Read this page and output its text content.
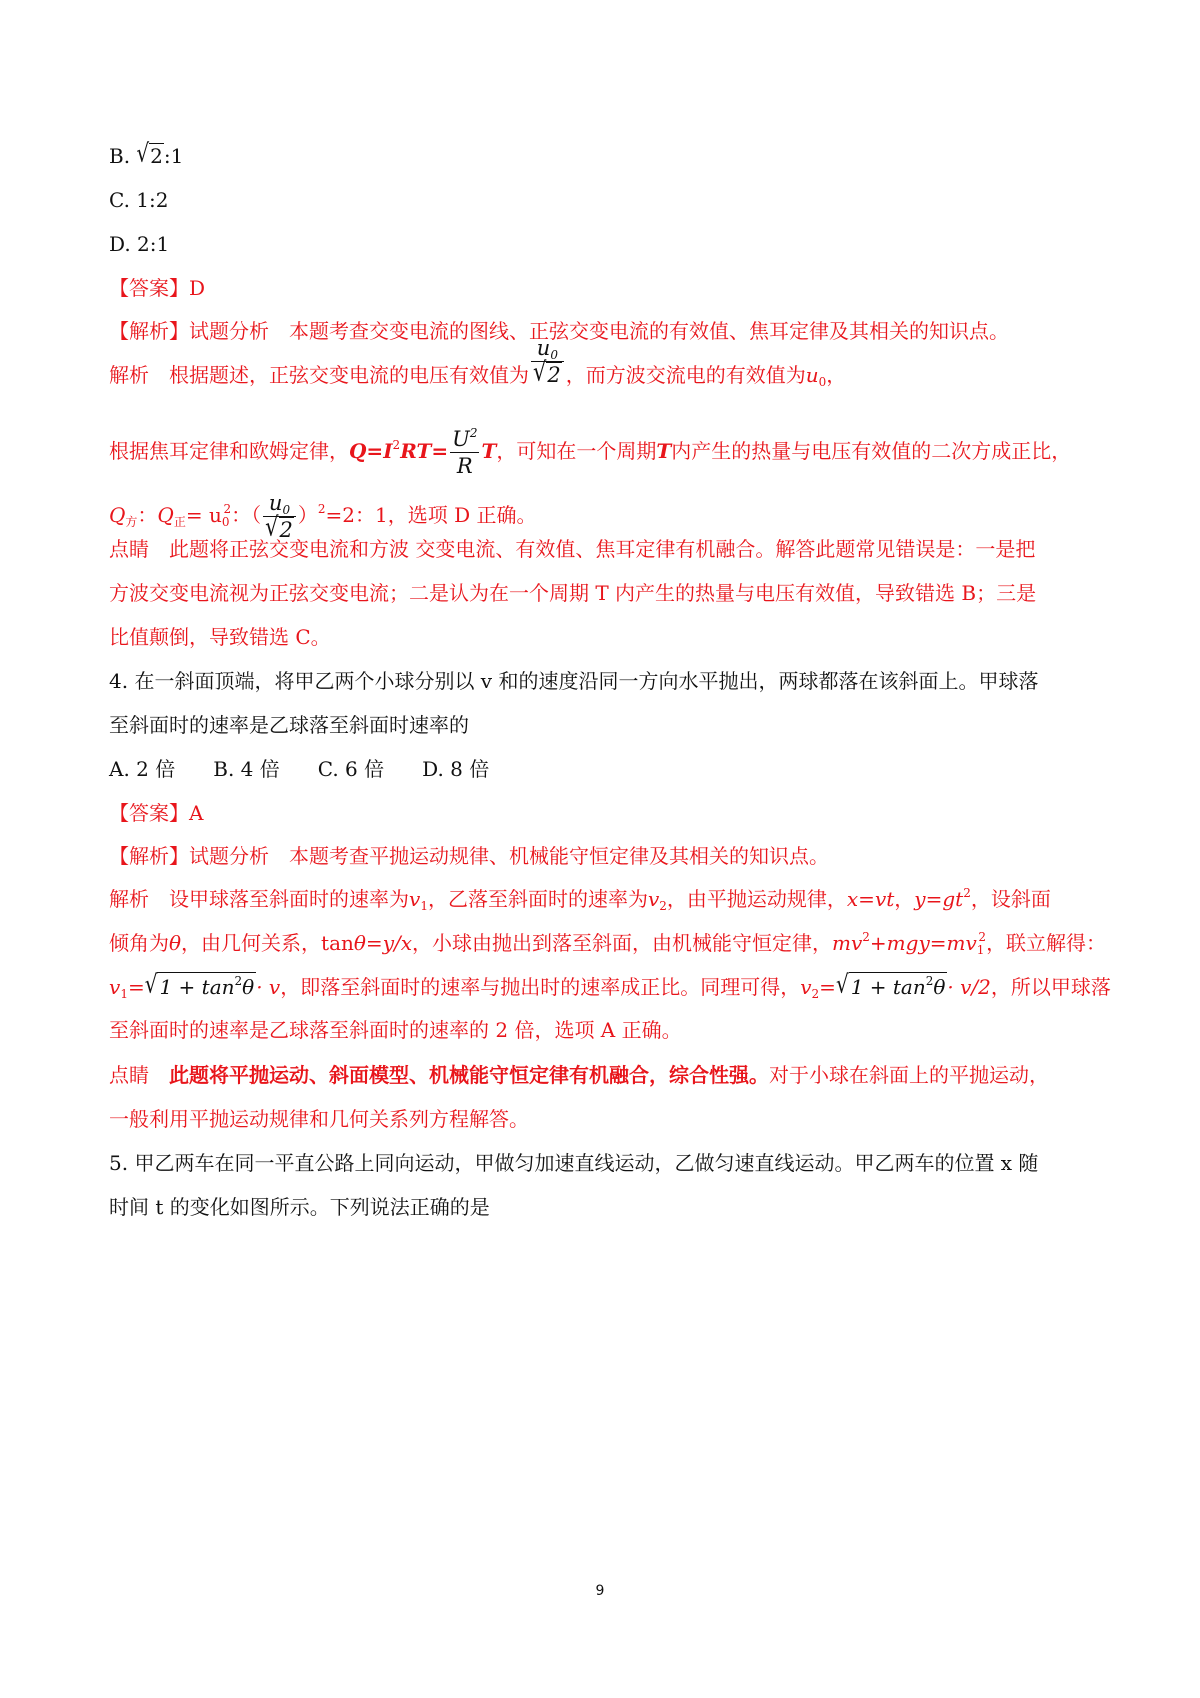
B. √2:1
C. 1:2
D. 2:1
【答案】D
【解析】试题分析　本题考查交变电流的图线、正弦交变电流的有效值、焦耳定律及其相关的知识点。
解析　根据题述，正弦交变电流的电压有效值为 $\frac{u_0}{√2}$ ，而方波交流电的有效值为$u_0$，
根据焦耳定律和欧姆定律，$Q=I^2RT= \frac{U^2}{R}$ T，可知在一个周期T内产生的热量与电压有效值的二次方成正比，
$Q_方$：$Q_正= u_0^2$：（ $\frac{u_0}{√2} )^2=2$：1，选项 D 正确。
点睛　此题将正弦交变电流和方波 交变电流、有效值、焦耳定律有机融合。解答此题常见错误是：一是把
方波交变电流视为正弦交变电流；二是认为在一个周期 T 内产生的热量与电压有效值，导致错选 B；三是
比值颠倒，导致错选 C。
4. 在一斜面顶端，将甲乙两个小球分别以 v 和的速度沿同一方向水平抛出，两球都落在该斜面上。甲球落
至斜面时的速率是乙球落至斜面时速率的
A. 2 倍 B. 4 倍 C. 6 倍 D. 8 倍
【答案】A
【解析】试题分析　本题考查平抛运动规律、机械能守恒定律及其相关的知识点。
解析　设甲球落至斜面时的速率为$v_1$，乙落至斜面时的速率为$v_2$，由平抛运动规律，x=vt，$y=gt^2$，设斜面
倾角为θ，由几何关系，tanθ=y/x，小球由抛出到落至斜面，由机械能守恒定律，$mv^2+mgy=mv_1^2$，联立解得：
$v_1=√$ $1 + \tan^2\theta \cdot v$，即落至斜面时的速率与抛出时的速率成正比。同理可得，$v_2=√$ $1 + \tan^2\theta \cdot v/2$，所以甲球落
至斜面时的速率是乙球落至斜面时的速率的 2 倍，选项 A 正确。
点睛　此题将平抛运动、斜面模型、机械能守恒定律有机融合，综合性强。对于小球在斜面上的平抛运动，
一般利用平抛运动规律和几何关系列方程解答。
5. 甲乙两车在同一平直公路上同向运动，甲做匀加速直线运动，乙做匀速直线运动。甲乙两车的位置 x 随
时间 t 的变化如图所示。下列说法正确的是
9
